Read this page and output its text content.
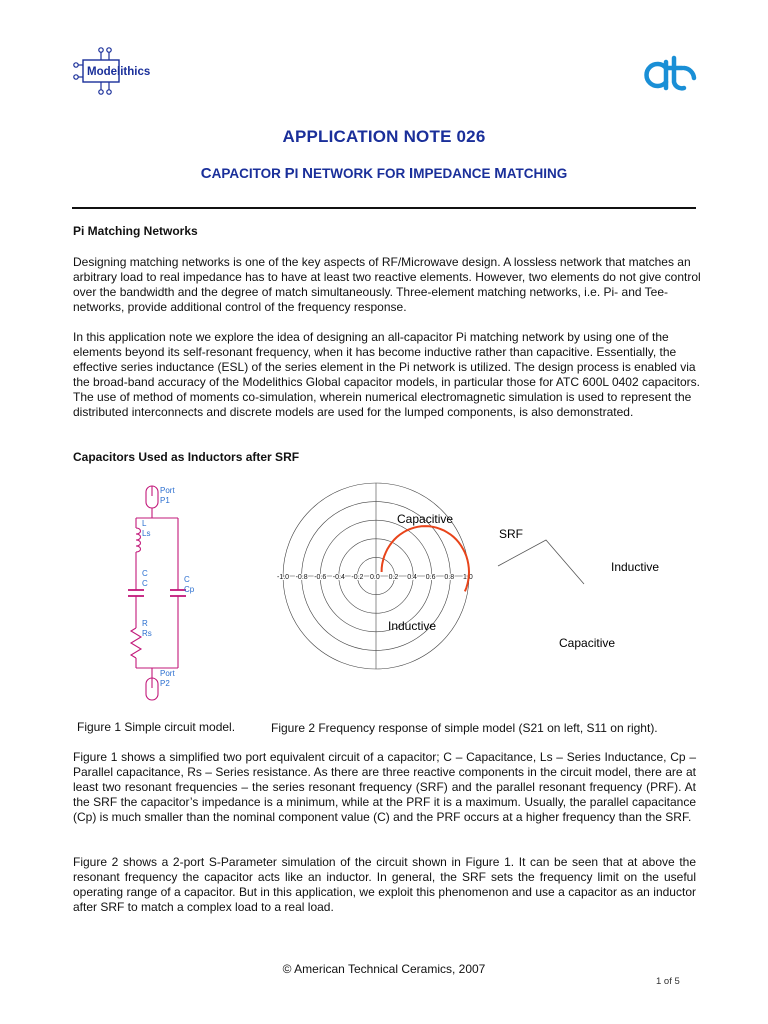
Modelithics
APPLICATION NOTE 026
CAPACITOR PI NETWORK FOR IMPEDANCE MATCHING
Pi Matching Networks
Designing matching networks is one of the key aspects of RF/Microwave design. A lossless network that matches an arbitrary load to real impedance has to have at least two reactive elements. However, two elements do not give control over the bandwidth and the degree of match simultaneously. Three-element matching networks, i.e. Pi- and Tee-networks, provide additional control of the frequency response.
In this application note we explore the idea of designing an all-capacitor Pi matching network by using one of the elements beyond its self-resonant frequency, when it has become inductive rather than capacitive. Essentially, the effective series inductance (ESL) of the series element in the Pi network is utilized. The design process is enabled via the broad-band accuracy of the Modelithics Global capacitor models, in particular those for ATC 600L 0402 capacitors. The use of method of moments co-simulation, wherein numerical electromagnetic simulation is used to represent the distributed interconnects and discrete models are used for the lumped components, is also demonstrated.
Capacitors Used as Inductors after SRF
Port
P1
L
Ls
C
C	C
Cp
R
Rs
Port
P2
-1.0 -0.8 -0.6 -0.4 -0.2 0.0 0.2 0.4 0.6 0.8 1.0
Capacitive
Inductive
SRF
Inductive
Capacitive
Figure 1 Simple circuit model.	Figure 2 Frequency response of simple model (S21 on left, S11 on right).
Figure 1 shows a simplified two port equivalent circuit of a capacitor; C – Capacitance, Ls – Series Inductance, Cp – Parallel capacitance, Rs – Series resistance. As there are three reactive components in the circuit model, there are at least two resonant frequencies – the series resonant frequency (SRF) and the parallel resonant frequency (PRF). At the SRF the capacitor’s impedance is a minimum, while at the PRF it is a maximum. Usually, the parallel capacitance (Cp) is much smaller than the nominal component value (C) and the PRF occurs at a higher frequency than the SRF.
Figure 2 shows a 2-port S-Parameter simulation of the circuit shown in Figure 1. It can be seen that at above the resonant frequency the capacitor acts like an inductor. In general, the SRF sets the frequency limit on the useful operating range of a capacitor. But in this application, we exploit this phenomenon and use a capacitor as an inductor after SRF to match a complex load to a real load.
© American Technical Ceramics, 2007
1 of 5
